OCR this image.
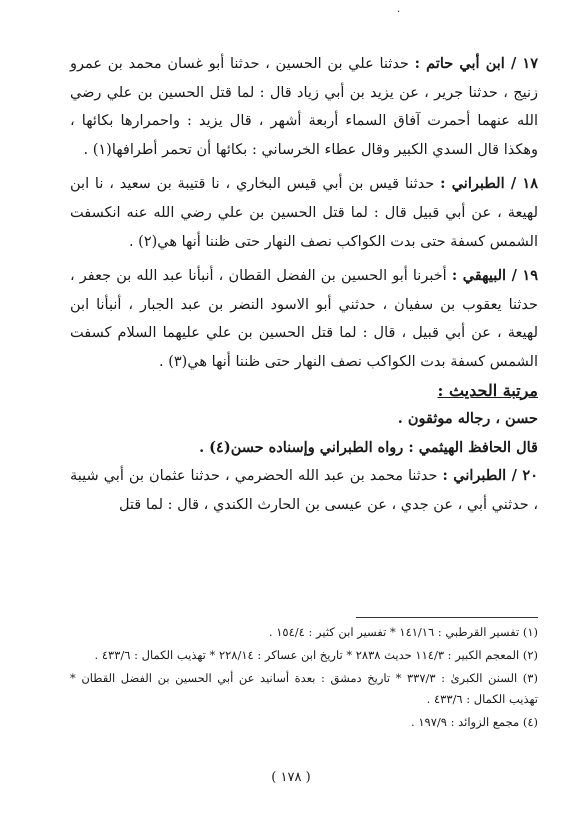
·

١٧ / ابن أبي حاتم : حدثنا علي بن الحسين ، حدثنا أبو غسان محمد بن عمرو زنيج ، حدثنا جرير ، عن يزيد بن أبي زياد قال : لما قتل الحسين بن علي رضي الله عنهما أحمرت آفاق السماء أربعة أشهر ، قال يزيد : واحمرارها بكائها ، وهكذا قال السدي الكبير وقال عطاء الخرساني : بكائها أن تحمر أطرافها(١) .

١٨ / الطبراني : حدثنا قيس بن أبي قيس البخاري ، نا قتيبة بن سعيد ، نا ابن لهيعة ، عن أبي قبيل قال : لما قتل الحسين بن علي رضي الله عنه انكسفت الشمس كسفة حتى بدت الكواكب نصف النهار حتى ظننا أنها هي(٢) .

١٩ / البيهقي : أخبرنا أبو الحسين بن الفضل القطان ، أنبأنا عبد الله بن جعفر ، حدثنا يعقوب بن سفيان ، حدثني أبو الاسود النضر بن عبد الجبار ، أنبأنا ابن لهيعة ، عن أبي قبيل ، قال : لما قتل الحسين بن علي عليهما السلام كسفت الشمس كسفة بدت الكواكب نصف النهار حتى ظننا أنها هي(٣) .

مرتبة الحديث :

حسن ، رجاله موثقون .

قال الحافظ الهيثمي : رواه الطبراني وإسناده حسن(٤) .

٢٠ / الطبراني : حدثنا محمد بن عبد الله الحضرمي ، حدثنا عثمان بن أبي شيبة ، حدثني أبي ، عن جدي ، عن عيسى بن الحارث الكندي ، قال : لما قتل

(١) تفسير القرطبي : ١٤١/١٦ * تفسير ابن كثير : ١٥٤/٤ .

(٢) المعجم الكبير : ١١٤/٣ حديث ٢٨٣٨ * تاريخ ابن عساكر : ٢٢٨/١٤ * تهذيب الكمال : ٤٣٣/٦ .

(٣) السنن الكبرىٰ : ٣٣٧/٣ * تاريخ دمشق : بعدة أسانيد عن أبي الحسين بن الفضل القطان * تهذيب الكمال : ٤٣٣/٦ .

(٤) مجمع الزوائد : ١٩٧/٩ .

( ١٧٨ )
